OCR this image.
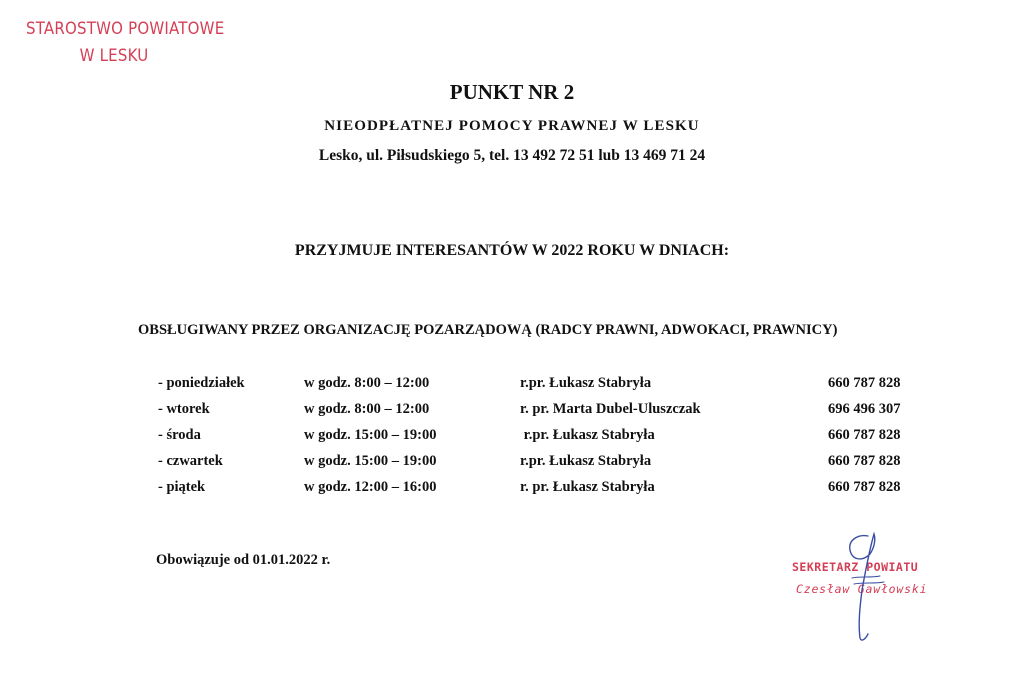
STAROSTWO POWIATOWE
W LESKU
PUNKT NR 2
NIEODPŁATNEJ POMOCY PRAWNEJ W LESKU
Lesko, ul. Piłsudskiego 5, tel. 13 492 72 51 lub 13 469 71 24
PRZYJMUJE INTERESANTÓW W 2022 ROKU W DNIACH:
OBSŁUGIWANY PRZEZ ORGANIZACJĘ POZARZĄDOWĄ (RADCY PRAWNI, ADWOKACI, PRAWNICY)
- poniedziałek	w godz. 8:00 – 12:00	r.pr. Łukasz Stabryła	660 787 828
- wtorek	w godz. 8:00 – 12:00	r. pr. Marta Dubel-Uluszczak	696 496 307
- środa	w godz. 15:00 – 19:00	r.pr. Łukasz Stabryła	660 787 828
- czwartek	w godz. 15:00 – 19:00	r.pr. Łukasz Stabryła	660 787 828
- piątek	w godz. 12:00 – 16:00	r. pr. Łukasz Stabryła	660 787 828
Obowiązuje od 01.01.2022 r.	SEKRETARZ POWIATU
Czesław Gawłowski
